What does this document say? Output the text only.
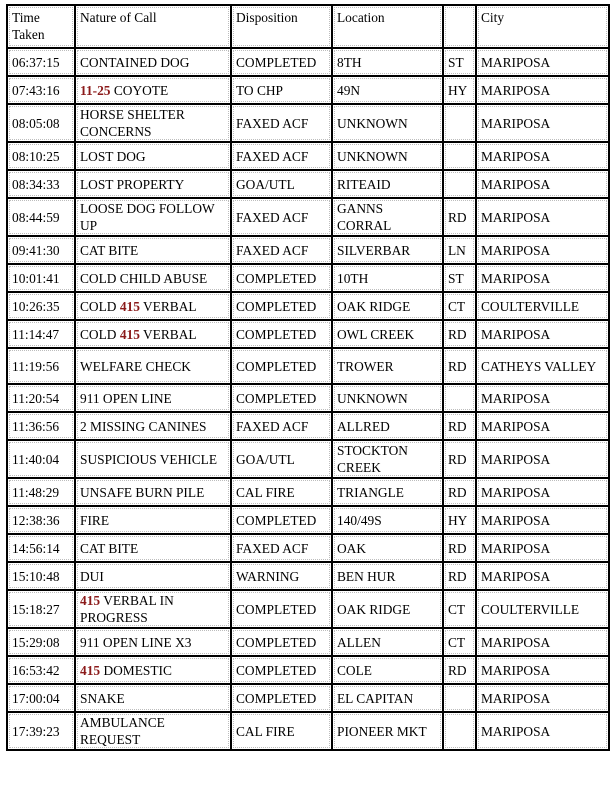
Time Taken	Nature of Call	Disposition	Location		City
06:37:15	CONTAINED DOG	COMPLETED	8TH	ST	MARIPOSA
07:43:16	11-25 COYOTE	TO CHP	49N	HY	MARIPOSA
08:05:08	HORSE SHELTER CONCERNS	FAXED ACF	UNKNOWN		MARIPOSA
08:10:25	LOST DOG	FAXED ACF	UNKNOWN		MARIPOSA
08:34:33	LOST PROPERTY	GOA/UTL	RITEAID		MARIPOSA
08:44:59	LOOSE DOG FOLLOW UP	FAXED ACF	GANNS CORRAL	RD	MARIPOSA
09:41:30	CAT BITE	FAXED ACF	SILVERBAR	LN	MARIPOSA
10:01:41	COLD CHILD ABUSE	COMPLETED	10TH	ST	MARIPOSA
10:26:35	COLD 415 VERBAL	COMPLETED	OAK RIDGE	CT	COULTERVILLE
11:14:47	COLD 415 VERBAL	COMPLETED	OWL CREEK	RD	MARIPOSA
11:19:56	WELFARE CHECK	COMPLETED	TROWER	RD	CATHEYS VALLEY
11:20:54	911 OPEN LINE	COMPLETED	UNKNOWN		MARIPOSA
11:36:56	2 MISSING CANINES	FAXED ACF	ALLRED	RD	MARIPOSA
11:40:04	SUSPICIOUS VEHICLE	GOA/UTL	STOCKTON CREEK	RD	MARIPOSA
11:48:29	UNSAFE BURN PILE	CAL FIRE	TRIANGLE	RD	MARIPOSA
12:38:36	FIRE	COMPLETED	140/49S	HY	MARIPOSA
14:56:14	CAT BITE	FAXED ACF	OAK	RD	MARIPOSA
15:10:48	DUI	WARNING	BEN HUR	RD	MARIPOSA
15:18:27	415 VERBAL IN PROGRESS	COMPLETED	OAK RIDGE	CT	COULTERVILLE
15:29:08	911 OPEN LINE X3	COMPLETED	ALLEN	CT	MARIPOSA
16:53:42	415 DOMESTIC	COMPLETED	COLE	RD	MARIPOSA
17:00:04	SNAKE	COMPLETED	EL CAPITAN		MARIPOSA
17:39:23	AMBULANCE REQUEST	CAL FIRE	PIONEER MKT		MARIPOSA
